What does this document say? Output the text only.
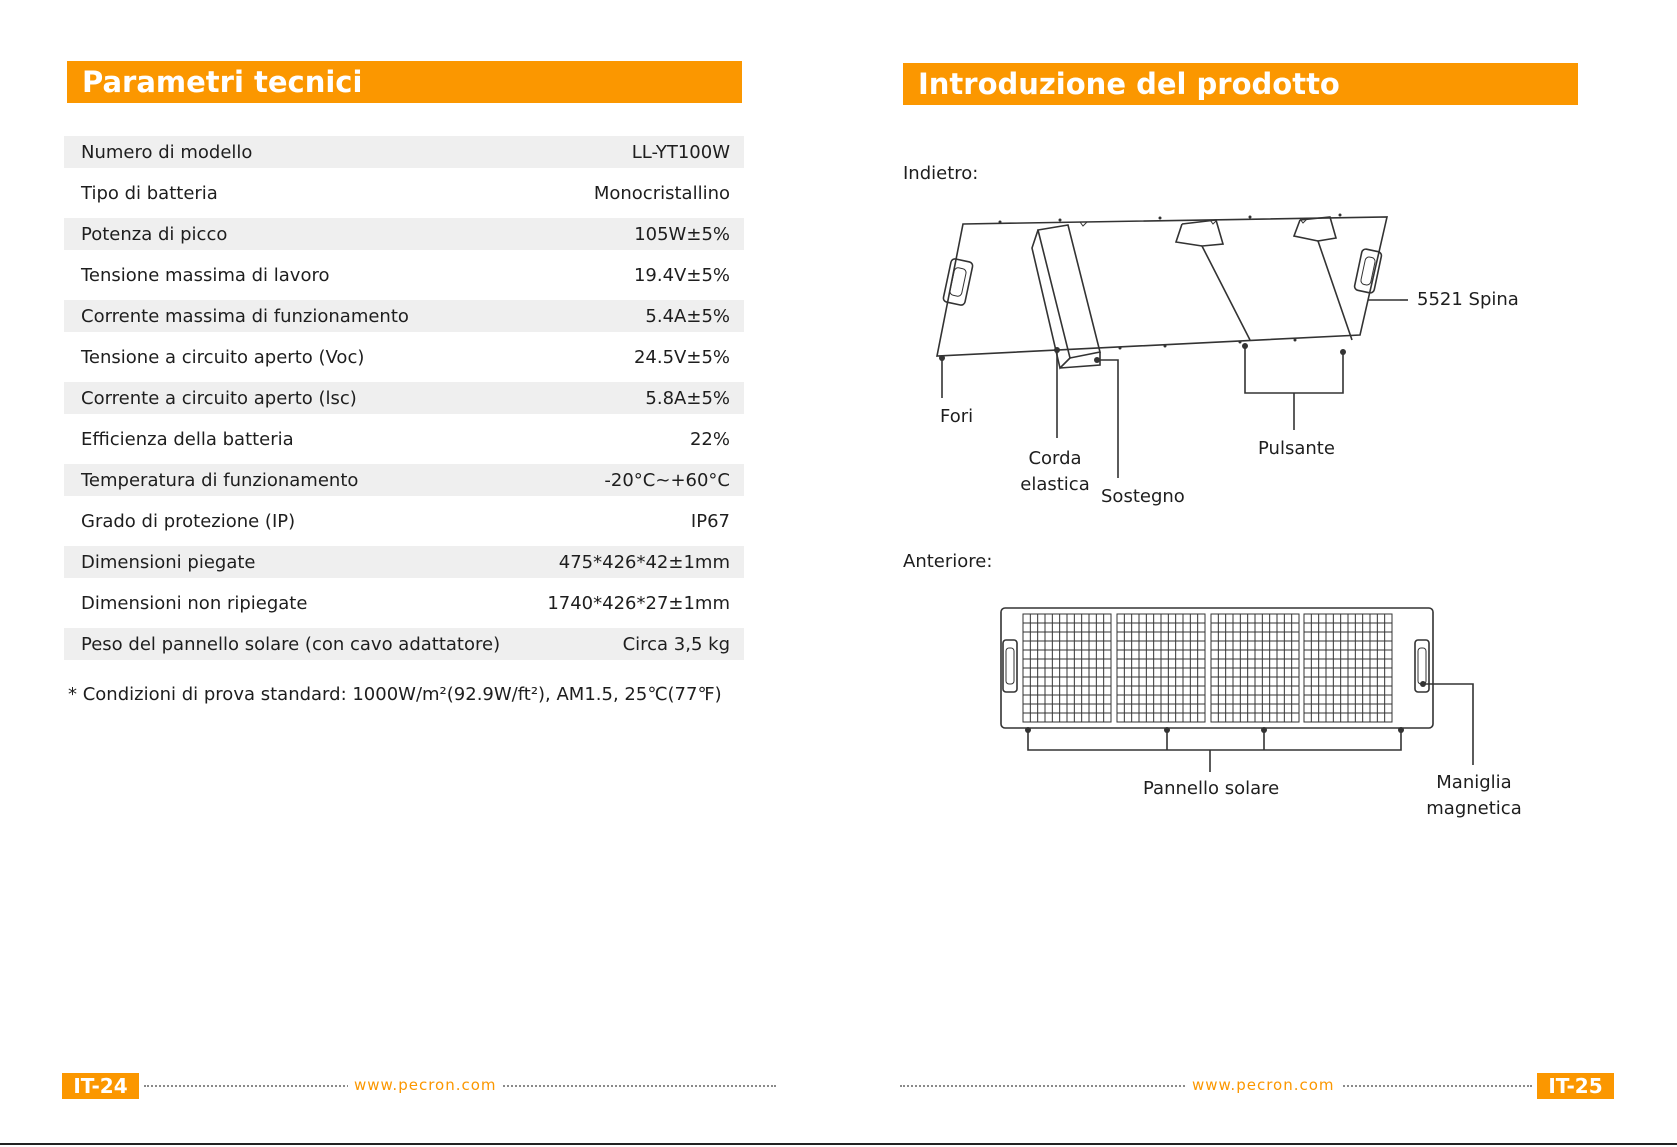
Parametri tecnici
Numero di modello	LL-YT100W
Tipo di batteria	Monocristallino
Potenza di picco	105W±5%
Tensione massima di lavoro	19.4V±5%
Corrente massima di funzionamento	5.4A±5%
Tensione a circuito aperto (Voc)	24.5V±5%
Corrente a circuito aperto (lsc)	5.8A±5%
Efficienza della batteria	22%
Temperatura di funzionamento	-20°C~+60°C
Grado di protezione (IP)	IP67
Dimensioni piegate	475*426*42±1mm
Dimensioni non ripiegate	1740*426*27±1mm
Peso del pannello solare (con cavo adattatore)	Circa 3,5 kg
* Condizioni di prova standard: 1000W/m²(92.9W/ft²), AM1.5, 25℃(77℉)
Introduzione del prodotto
Indietro:
5521 Spina
Fori
Corda
elastica
Pulsante
Sostegno
Anteriore:
Pannello solare	Maniglia
magnetica
IT-24	www.pecron.com	www.pecron.com	IT-25
